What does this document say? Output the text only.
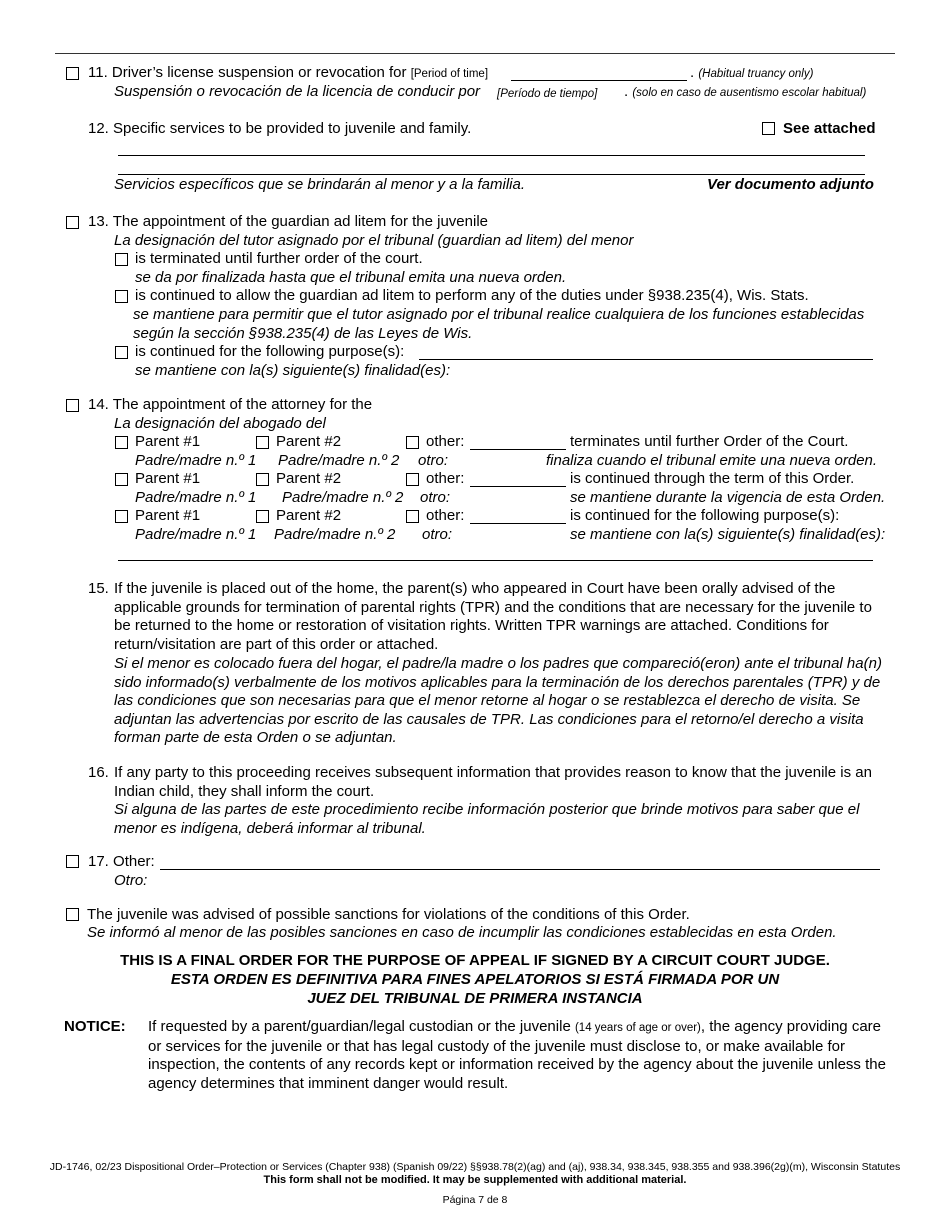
11. Driver’s license suspension or revocation for [Period of time]	. (Habitual truancy only)
Suspensión o revocación de la licencia de conducir por [Período de tiempo] . (solo en caso de ausentismo escolar habitual)
12. Specific services to be provided to juvenile and family.	See attached
Servicios específicos que se brindarán al menor y a la familia.	Ver documento adjunto
13. The appointment of the guardian ad litem for the juvenile
La designación del tutor asignado por el tribunal (guardian ad litem) del menor
is terminated until further order of the court.
se da por finalizada hasta que el tribunal emita una nueva orden.
is continued to allow the guardian ad litem to perform any of the duties under §938.235(4), Wis. Stats.
se mantiene para permitir que el tutor asignado por el tribunal realice cualquiera de los funciones establecidas
según la sección §938.235(4) de las Leyes de Wis.
is continued for the following purpose(s):
se mantiene con la(s) siguiente(s) finalidad(es):
14. The appointment of the attorney for the
La designación del abogado del
Parent #1	Parent #2	other:	terminates until further Order of the Court.
Padre/madre n.º 1 Padre/madre n.º 2 otro:	finaliza cuando el tribunal emite una nueva orden.
Parent #1	Parent #2	other:	is continued through the term of this Order.
Padre/madre n.º 1 Padre/madre n.º 2 otro:	se mantiene durante la vigencia de esta Orden.
Parent #1	Parent #2	other:	is continued for the following purpose(s):
Padre/madre n.º 1 Padre/madre n.º 2 otro:	se mantiene con la(s) siguiente(s) finalidad(es):
15. If the juvenile is placed out of the home, the parent(s) who appeared in Court have been orally advised of the applicable grounds for termination of parental rights (TPR) and the conditions that are necessary for the juvenile to be returned to the home or restoration of visitation rights. Written TPR warnings are attached. Conditions for return/visitation are part of this order or attached.
Si el menor es colocado fuera del hogar, el padre/la madre o los padres que compareció(eron) ante el tribunal ha(n) sido informado(s) verbalmente de los motivos aplicables para la terminación de los derechos parentales (TPR) y de las condiciones que son necesarias para que el menor retorne al hogar o se restablezca el derecho de visita. Se adjuntan las advertencias por escrito de las causales de TPR. Las condiciones para el retorno/el derecho a visita forman parte de esta Orden o se adjuntan.
16. If any party to this proceeding receives subsequent information that provides reason to know that the juvenile is an Indian child, they shall inform the court.
Si alguna de las partes de este procedimiento recibe información posterior que brinde motivos para saber que el menor es indígena, deberá informar al tribunal.
17. Other:
Otro:
The juvenile was advised of possible sanctions for violations of the conditions of this Order.
Se informó al menor de las posibles sanciones en caso de incumplir las condiciones establecidas en esta Orden.
THIS IS A FINAL ORDER FOR THE PURPOSE OF APPEAL IF SIGNED BY A CIRCUIT COURT JUDGE.
ESTA ORDEN ES DEFINITIVA PARA FINES APELATORIOS SI ESTÁ FIRMADA POR UN
JUEZ DEL TRIBUNAL DE PRIMERA INSTANCIA
NOTICE: If requested by a parent/guardian/legal custodian or the juvenile (14 years of age or over), the agency providing care or services for the juvenile or that has legal custody of the juvenile must disclose to, or make available for inspection, the contents of any records kept or information received by the agency about the juvenile unless the agency determines that imminent danger would result.
JD-1746, 02/23 Dispositional Order–Protection or Services (Chapter 938) (Spanish 09/22) §§938.78(2)(ag) and (aj), 938.34, 938.345, 938.355 and 938.396(2g)(m), Wisconsin Statutes
This form shall not be modified. It may be supplemented with additional material.
Página 7 de 8
